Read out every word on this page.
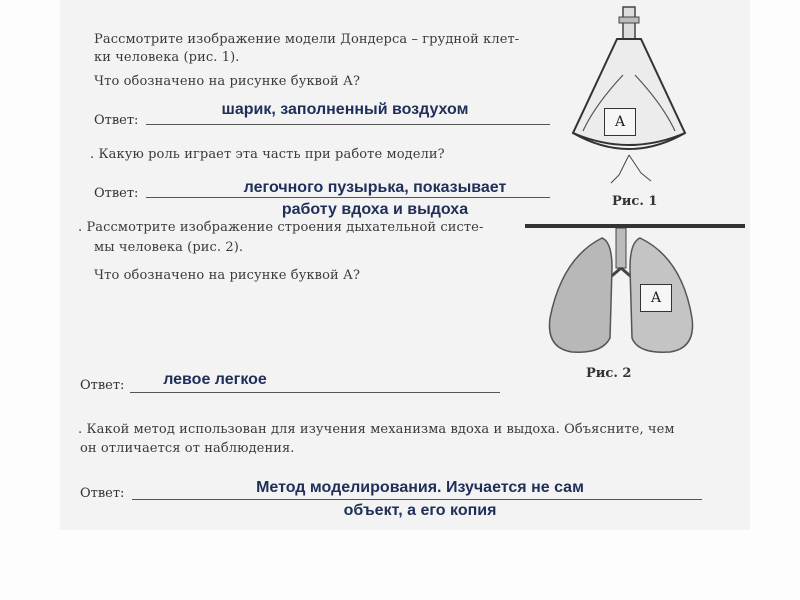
Рассмотрите изображение модели Дондерса – грудной клет-
ки человека (рис. 1).
Что обозначено на рисунке буквой А?
Ответ:
шарик, заполненный воздухом
. Какую роль играет эта часть при работе модели?
Ответ:	легочного пузырька, показывает
работу вдоха и выдоха
А
Рис. 1
. Рассмотрите изображение строения дыхательной систе-
мы человека (рис. 2).
Что обозначено на рисунке буквой А?
Ответ:	левое легкое
А
Рис. 2
. Какой метод использован для изучения механизма вдоха и выдоха. Объясните, чем
он отличается от наблюдения.
Ответ:	Метод моделирования. Изучается не сам
объект, а его копия
